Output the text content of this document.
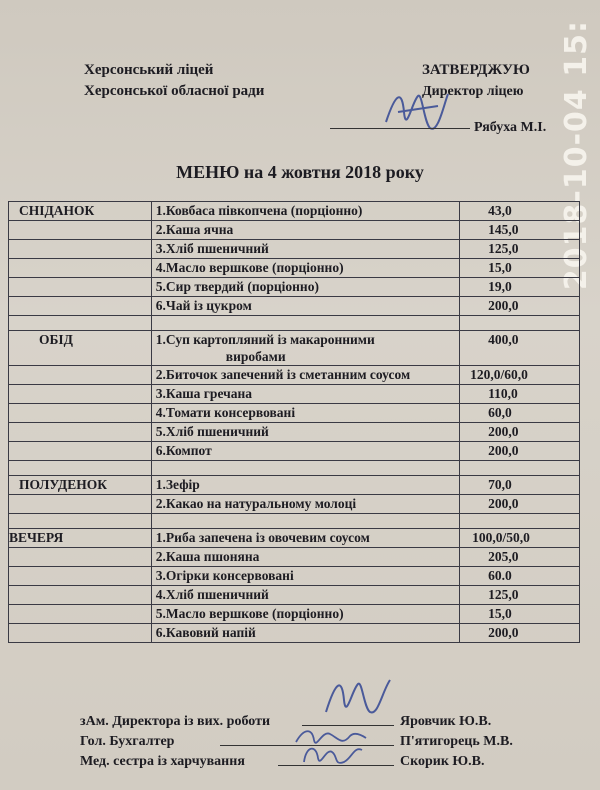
2018-10-04 15:
Херсонський ліцей
Херсонської обласної ради
ЗАТВЕРДЖУЮ
Директор ліцею
Рябуха М.І.
МЕНЮ на 4 жовтня 2018 року
СНІДАНОК	1.Ковбаса півкопчена (порціонно)	43,0
	2.Каша ячна	145,0
	3.Хліб пшеничний	125,0
	4.Масло вершкове (порціонно)	15,0
	5.Сир твердий (порціонно)	19,0
	6.Чай із цукром	200,0

ОБІД	1.Суп картопляний із макаронними
виробами	400,0
	2.Биточок запечений із сметанним соусом	120,0/60,0
	3.Каша гречана	110,0
	4.Томати консервовані	60,0
	5.Хліб пшеничний	200,0
	6.Компот	200,0

ПОЛУДЕНОК	1.Зефір	70,0
	2.Какао на натуральному молоці	200,0

ВЕЧЕРЯ	1.Риба запечена із овочевим соусом	100,0/50,0
	2.Каша пшоняна	205,0
	3.Огірки консервовані	60.0
	4.Хліб пшеничний	125,0
	5.Масло вершкове (порціонно)	15,0
	6.Кавовий напій	200,0
зАм. Директора із вих. роботи	Яровчик Ю.В.
Гол. Бухгалтер	П'ятигорець М.В.
Мед. сестра із харчування	Скорик Ю.В.
